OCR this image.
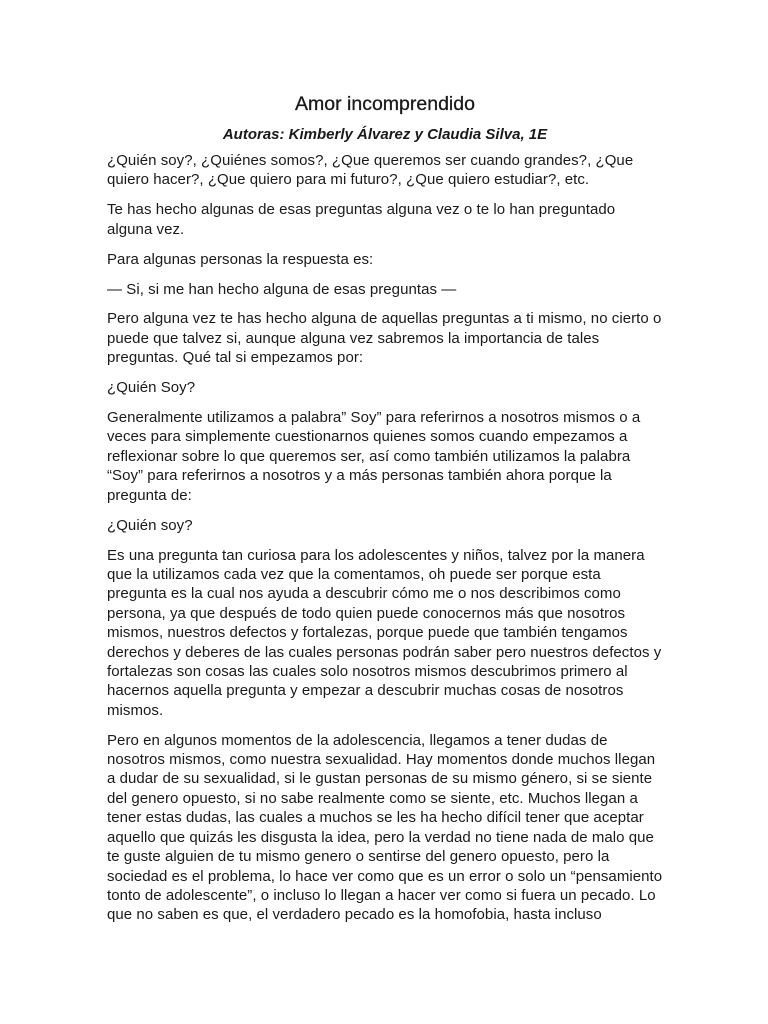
Amor incomprendido
Autoras: Kimberly Álvarez y Claudia Silva, 1E

¿Quién soy?, ¿Quiénes somos?, ¿Que queremos ser cuando grandes?, ¿Que
quiero hacer?, ¿Que quiero para mi futuro?, ¿Que quiero estudiar?, etc.

Te has hecho algunas de esas preguntas alguna vez o te lo han preguntado
alguna vez.

Para algunas personas la respuesta es:

— Si, si me han hecho alguna de esas preguntas —

Pero alguna vez te has hecho alguna de aquellas preguntas a ti mismo, no cierto o
puede que talvez si, aunque alguna vez sabremos la importancia de tales
preguntas. Qué tal si empezamos por:

¿Quién Soy?

Generalmente utilizamos a palabra” Soy” para referirnos a nosotros mismos o a
veces para simplemente cuestionarnos quienes somos cuando empezamos a
reflexionar sobre lo que queremos ser, así como también utilizamos la palabra
“Soy” para referirnos a nosotros y a más personas también ahora porque la
pregunta de:

¿Quién soy?

Es una pregunta tan curiosa para los adolescentes y niños, talvez por la manera
que la utilizamos cada vez que la comentamos, oh puede ser porque esta
pregunta es la cual nos ayuda a descubrir cómo me o nos describimos como
persona, ya que después de todo quien puede conocernos más que nosotros
mismos, nuestros defectos y fortalezas, porque puede que también tengamos
derechos y deberes de las cuales personas podrán saber pero nuestros defectos y
fortalezas son cosas las cuales solo nosotros mismos descubrimos primero al
hacernos aquella pregunta y empezar a descubrir muchas cosas de nosotros
mismos.

Pero en algunos momentos de la adolescencia, llegamos a tener dudas de
nosotros mismos, como nuestra sexualidad. Hay momentos donde muchos llegan
a dudar de su sexualidad, si le gustan personas de su mismo género, si se siente
del genero opuesto, si no sabe realmente como se siente, etc. Muchos llegan a
tener estas dudas, las cuales a muchos se les ha hecho difícil tener que aceptar
aquello que quizás les disgusta la idea, pero la verdad no tiene nada de malo que
te guste alguien de tu mismo genero o sentirse del genero opuesto, pero la
sociedad es el problema, lo hace ver como que es un error o solo un “pensamiento
tonto de adolescente”, o incluso lo llegan a hacer ver como si fuera un pecado. Lo
que no saben es que, el verdadero pecado es la homofobia, hasta incluso
